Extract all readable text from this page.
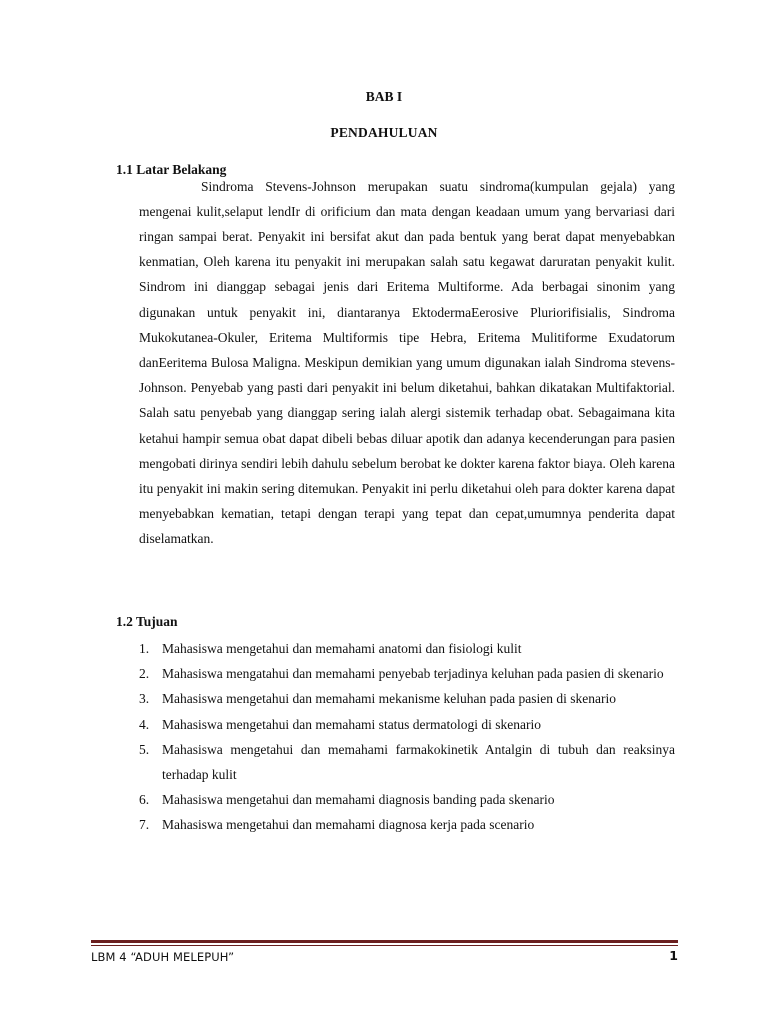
BAB I
PENDAHULUAN
1.1 Latar Belakang

Sindroma Stevens-Johnson merupakan suatu sindroma(kumpulan gejala) yang mengenai kulit,selaput lendIr di orificium dan mata dengan keadaan umum yang bervariasi dari ringan sampai berat. Penyakit ini bersifat akut dan pada bentuk yang berat dapat menyebabkan kenmatian, Oleh karena itu penyakit ini merupakan salah satu kegawat daruratan penyakit kulit. Sindrom ini dianggap sebagai jenis dari Eritema Multiforme. Ada berbagai sinonim yang digunakan untuk penyakit ini, diantaranya EktodermaEerosive Pluriorifisialis, Sindroma Mukokutanea-Okuler, Eritema Multiformis tipe Hebra, Eritema Mulitiforme Exudatorum danEeritema Bulosa Maligna. Meskipun demikian yang umum digunakan ialah Sindroma stevens- Johnson. Penyebab yang pasti dari penyakit ini belum diketahui, bahkan dikatakan Multifaktorial. Salah satu penyebab yang dianggap sering ialah alergi sistemik terhadap obat. Sebagaimana kita ketahui hampir semua obat dapat dibeli bebas diluar apotik dan adanya kecenderungan para pasien mengobati dirinya sendiri lebih dahulu sebelum berobat ke dokter karena faktor biaya. Oleh karena itu penyakit ini makin sering ditemukan. Penyakit ini perlu diketahui oleh para dokter karena dapat menyebabkan kematian, tetapi dengan terapi yang tepat dan cepat,umumnya penderita dapat diselamatkan.

1.2 Tujuan
1. Mahasiswa mengetahui dan memahami anatomi dan fisiologi kulit
2. Mahasiswa mengatahui dan memahami penyebab terjadinya keluhan pada pasien di skenario
3. Mahasiswa mengetahui dan memahami mekanisme keluhan pada pasien di skenario
4. Mahasiswa mengetahui dan memahami status dermatologi di skenario
5. Mahasiswa mengetahui dan memahami farmakokinetik Antalgin di tubuh dan reaksinya terhadap kulit
6. Mahasiswa mengetahui dan memahami diagnosis banding pada skenario
7. Mahasiswa mengetahui dan memahami diagnosa kerja pada scenario
LBM 4 “ADUH MELEPUH”	1
